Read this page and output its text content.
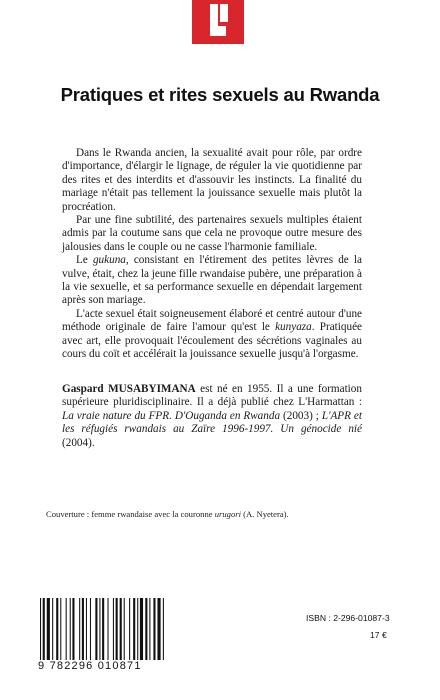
Pratiques et rites sexuels au Rwanda

Dans le Rwanda ancien, la sexualité avait pour rôle, par ordre d'importance, d'élargir le lignage, de réguler la vie quotidienne par des rites et des interdits et d'assouvir les instincts. La finalité du mariage n'était pas tellement la jouissance sexuelle mais plutôt la procréation.

Par une fine subtilité, des partenaires sexuels multiples étaient admis par la coutume sans que cela ne provoque outre mesure des jalousies dans le couple ou ne casse l'harmonie familiale.

Le gukuna, consistant en l'étirement des petites lèvres de la vulve, était, chez la jeune fille rwandaise pubère, une préparation à la vie sexuelle, et sa performance sexuelle en dépendait largement après son mariage.

L'acte sexuel était soigneusement élaboré et centré autour d'une méthode originale de faire l'amour qu'est le kunyaza. Pratiquée avec art, elle provoquait l'écoulement des sécrétions vaginales au cours du coït et accélérait la jouissance sexuelle jusqu'à l'orgasme.

Gaspard MUSABYIMANA est né en 1955. Il a une formation supérieure pluridisciplinaire. Il a déjà publié chez L'Harmattan : La vraie nature du FPR. D'Ouganda en Rwanda (2003) ; L'APR et les réfugiés rwandais au Zaïre 1996-1997. Un génocide nié (2004).

Couverture : femme rwandaise avec la couronne urugori (A. Nyetera).
9 782296 010871
ISBN : 2-296-01087-3
17 €
